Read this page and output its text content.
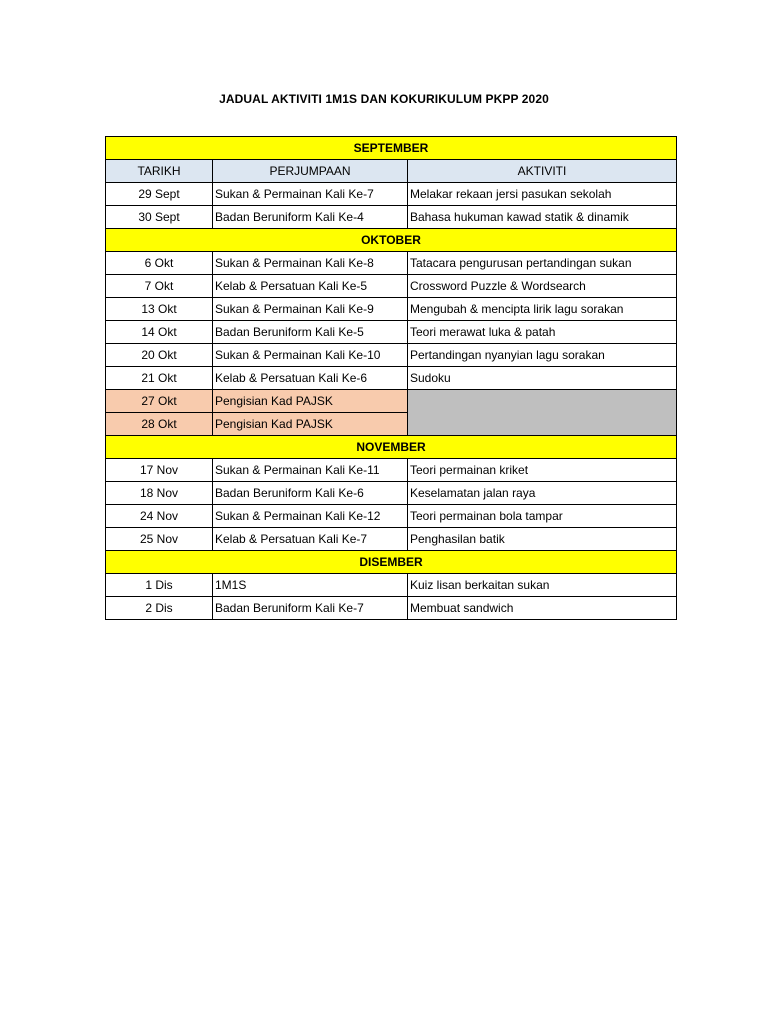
JADUAL AKTIVITI 1M1S DAN KOKURIKULUM PKPP 2020
SEPTEMBER		
TARIKH	PERJUMPAAN	AKTIVITI
29 Sept	Sukan & Permainan Kali Ke-7	Melakar rekaan jersi pasukan sekolah
30 Sept	Badan Beruniform Kali Ke-4	Bahasa hukuman kawad statik & dinamik
OKTOBER		
6 Okt	Sukan & Permainan Kali Ke-8	Tatacara pengurusan pertandingan sukan
7 Okt	Kelab & Persatuan Kali Ke-5	Crossword Puzzle & Wordsearch
13 Okt	Sukan & Permainan Kali Ke-9	Mengubah & mencipta lirik lagu sorakan
14 Okt	Badan Beruniform Kali Ke-5	Teori merawat luka & patah
20 Okt	Sukan & Permainan Kali Ke-10	Pertandingan nyanyian lagu sorakan
21 Okt	Kelab & Persatuan Kali Ke-6	Sudoku
27 Okt	Pengisian Kad PAJSK	
28 Okt	Pengisian Kad PAJSK	
NOVEMBER		
17 Nov	Sukan & Permainan Kali Ke-11	Teori permainan kriket
18 Nov	Badan Beruniform Kali Ke-6	Keselamatan jalan raya
24 Nov	Sukan & Permainan Kali Ke-12	Teori permainan bola tampar
25 Nov	Kelab & Persatuan Kali Ke-7	Penghasilan batik
DISEMBER		
1 Dis	1M1S	Kuiz lisan berkaitan sukan
2 Dis	Badan Beruniform Kali Ke-7	Membuat sandwich
